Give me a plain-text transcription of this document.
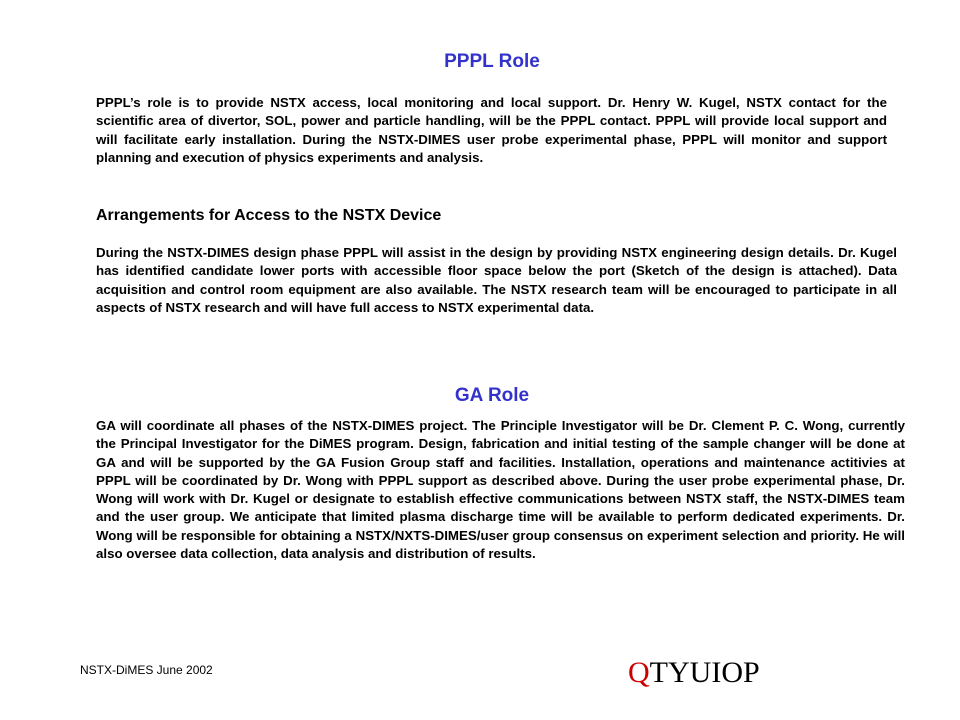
PPPL Role

PPPL’s role is to provide NSTX access, local monitoring and local support. Dr. Henry W. Kugel, NSTX contact for the scientific area of divertor, SOL, power and particle handling, will be the PPPL contact. PPPL will provide local support and will facilitate early installation. During the NSTX-DIMES user probe experimental phase, PPPL will monitor and support planning and execution of physics experiments and analysis.

Arrangements for Access to the NSTX Device

During the NSTX-DIMES design phase PPPL will assist in the design by providing NSTX engineering design details. Dr. Kugel has identified candidate lower ports with accessible floor space below the port (Sketch of the design is attached). Data acquisition and control room equipment are also available. The NSTX research team will be encouraged to participate in all aspects of NSTX research and will have full access to NSTX experimental data.

GA Role

GA will coordinate all phases of the NSTX-DIMES project. The Principle Investigator will be Dr. Clement P. C. Wong, currently the Principal Investigator for the DiMES program. Design, fabrication and initial testing of the sample changer will be done at GA and will be supported by the GA Fusion Group staff and facilities. Installation, operations and maintenance actitivies at PPPL will be coordinated by Dr. Wong with PPPL support as described above. During the user probe experimental phase, Dr. Wong will work with Dr. Kugel or designate to establish effective communications between NSTX staff, the NSTX-DIMES team and the user group. We anticipate that limited plasma discharge time will be available to perform dedicated experiments. Dr. Wong will be responsible for obtaining a NSTX/NXTS-DIMES/user group consensus on experiment selection and priority. He will also oversee data collection, data analysis and distribution of results.

NSTX-DiMES June 2002	QTYUIOP
